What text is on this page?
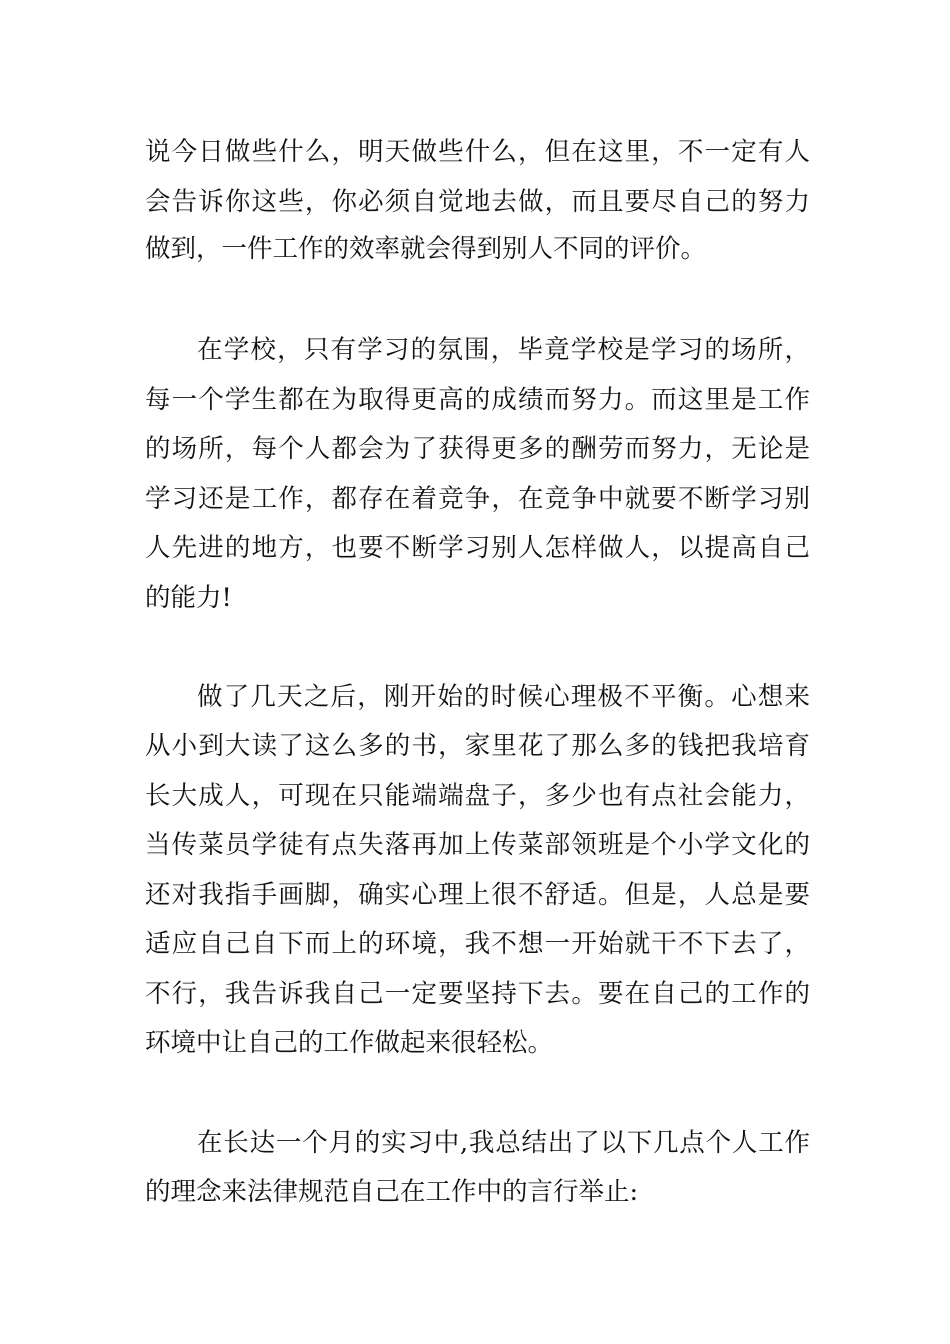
说今日做些什么，明天做些什么，但在这里，不一定有人
会告诉你这些，你必须自觉地去做，而且要尽自己的努力
做到，一件工作的效率就会得到别人不同的评价。
在学校，只有学习的氛围，毕竟学校是学习的场所，
每一个学生都在为取得更高的成绩而努力。而这里是工作
的场所，每个人都会为了获得更多的酬劳而努力，无论是
学习还是工作，都存在着竞争，在竞争中就要不断学习别
人先进的地方，也要不断学习别人怎样做人，以提高自己
的能力!
做了几天之后，刚开始的时候心理极不平衡。心想来
从小到大读了这么多的书，家里花了那么多的钱把我培育
长大成人，可现在只能端端盘子，多少也有点社会能力，
当传菜员学徒有点失落再加上传菜部领班是个小学文化的
还对我指手画脚，确实心理上很不舒适。但是，人总是要
适应自己自下而上的环境，我不想一开始就干不下去了，
不行，我告诉我自己一定要坚持下去。要在自己的工作的
环境中让自己的工作做起来很轻松。
在长达一个月的实习中,我总结出了以下几点个人工作
的理念来法律规范自己在工作中的言行举止:
